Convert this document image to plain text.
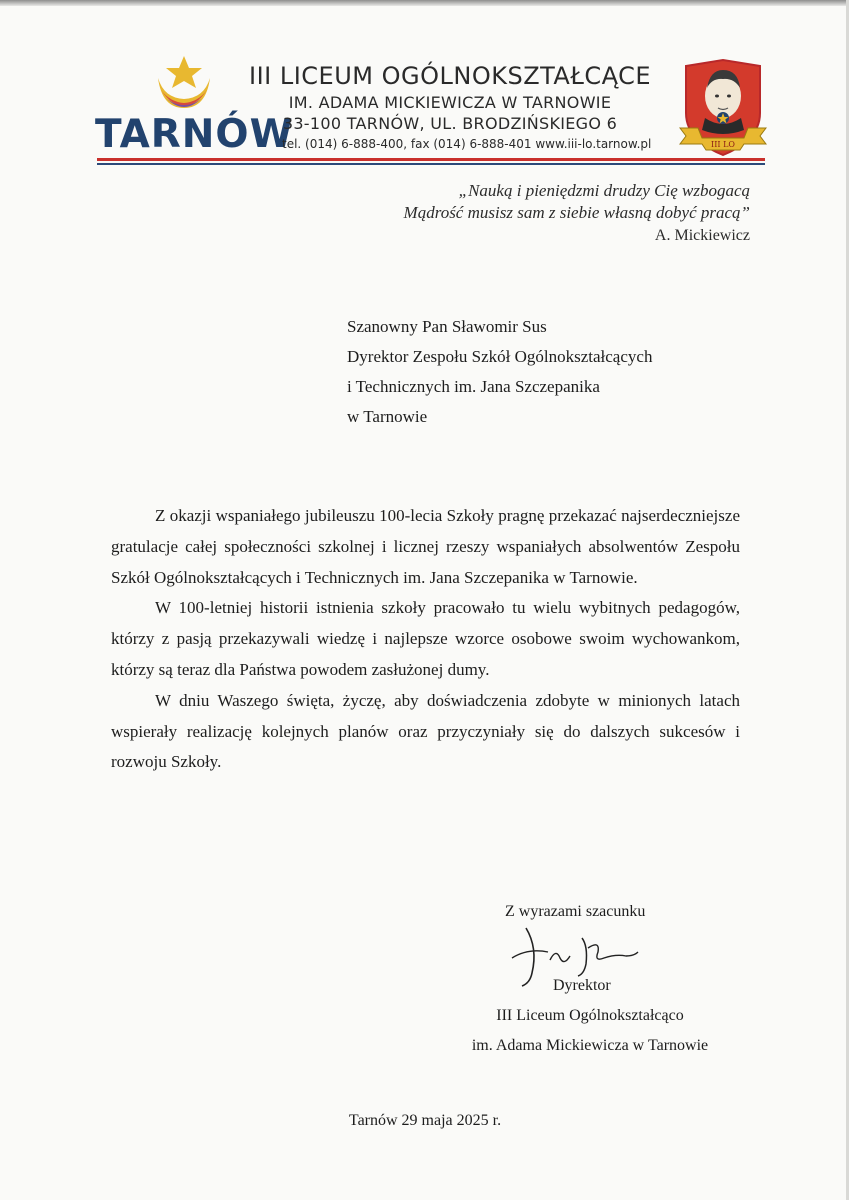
TARNÓW
III LICEUM OGÓLNOKSZTAŁCĄCE
IM. ADAMA MICKIEWICZA W TARNOWIE
33-100 TARNÓW, UL. BRODZIŃSKIEGO 6
tel. (014) 6-888-400, fax (014) 6-888-401 www.iii-lo.tarnow.pl	III LO
„Nauką i pieniędzmi drudzy Cię wzbogacą
Mądrość musisz sam z siebie własną dobyć pracą”
A. Mickiewicz
Szanowny Pan Sławomir Sus
Dyrektor Zespołu Szkół Ogólnokształcących
i Technicznych im. Jana Szczepanika
w Tarnowie

Z okazji wspaniałego jubileuszu 100-lecia Szkoły pragnę przekazać najserdeczniejsze gratulacje całej społeczności szkolnej i licznej rzeszy wspaniałych absolwentów Zespołu Szkół Ogólnokształcących i Technicznych im. Jana Szczepanika w Tarnowie.

W 100-letniej historii istnienia szkoły pracowało tu wielu wybitnych pedagogów, którzy z pasją przekazywali wiedzę i najlepsze wzorce osobowe swoim wychowankom, którzy są teraz dla Państwa powodem zasłużonej dumy.

W dniu Waszego święta, życzę, aby doświadczenia zdobyte w minionych latach wspierały realizację kolejnych planów oraz przyczyniały się do dalszych sukcesów i rozwoju Szkoły.

Z wyrazami szacunku
Dyrektor
III Liceum Ogólnokształcąco
im. Adama Mickiewicza w Tarnowie
Tarnów 29 maja 2025 r.
